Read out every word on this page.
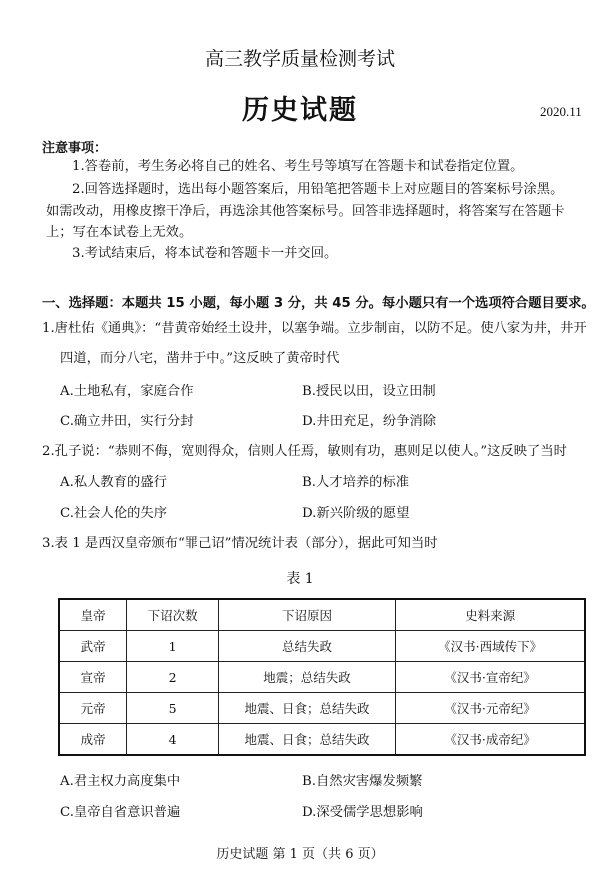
高三教学质量检测考试
历史试题	2020.11
注意事项：
1.答卷前，考生务必将自己的姓名、考生号等填写在答题卡和试卷指定位置。
2.回答选择题时，选出每小题答案后，用铅笔把答题卡上对应题目的答案标号涂黑。
如需改动，用橡皮擦干净后，再选涂其他答案标号。回答非选择题时，将答案写在答题卡
上；写在本试卷上无效。
3.考试结束后，将本试卷和答题卡一并交回。
一、选择题：本题共 15 小题，每小题 3 分，共 45 分。每小题只有一个选项符合题目要求。
1.唐杜佑《通典》：“昔黄帝始经土设井，以塞争端。立步制亩，以防不足。使八家为井，井开
四道，而分八宅，凿井于中。”这反映了黄帝时代
A.土地私有，家庭合作	B.授民以田，设立田制
C.确立井田，实行分封	D.井田充足，纷争消除
2.孔子说：“恭则不侮，宽则得众，信则人任焉，敏则有功，惠则足以使人。”这反映了当时
A.私人教育的盛行	B.人才培养的标准
C.社会人伦的失序	D.新兴阶级的愿望
3.表 1 是西汉皇帝颁布“罪己诏”情况统计表（部分），据此可知当时
表 1
皇帝	下诏次数	下诏原因	史料来源
武帝	1	总结失政	《汉书·西域传下》
宣帝	2	地震；总结失政	《汉书·宣帝纪》
元帝	5	地震、日食；总结失政	《汉书·元帝纪》
成帝	4	地震、日食；总结失政	《汉书·成帝纪》
A.君主权力高度集中	B.自然灾害爆发频繁
C.皇帝自省意识普遍	D.深受儒学思想影响
历史试题 第 1 页（共 6 页）
